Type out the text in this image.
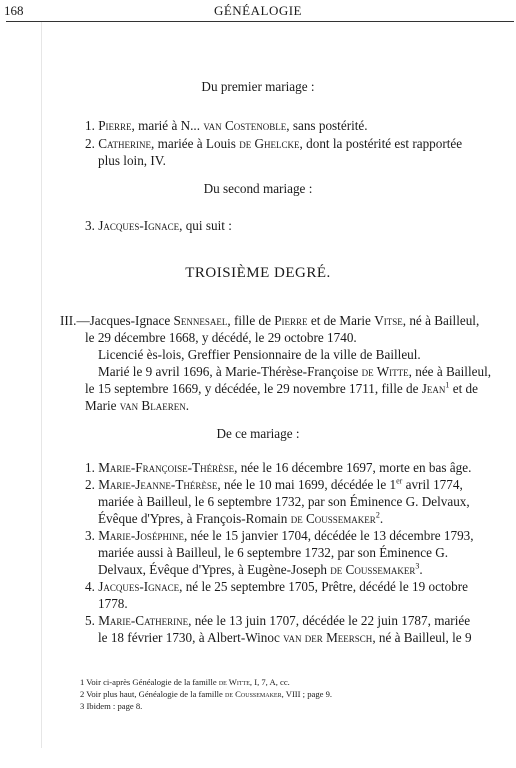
168	GÉNÉALOGIE
Du premier mariage :
1. Pierre, marié à N... van Costenoble, sans postérité.
2. Catherine, mariée à Louis de Ghelcke, dont la postérité est rapportée
plus loin, IV.
Du second mariage :
3. Jacques-Ignace, qui suit :
TROISIÈME DEGRÉ.
III.—Jacques-Ignace Sennesael, fille de Pierre et de Marie Vitse, né à Bailleul,
le 29 décembre 1668, y décédé, le 29 octobre 1740.
Licencié ès-lois, Greffier Pensionnaire de la ville de Bailleul.
Marié le 9 avril 1696, à Marie-Thérèse-Françoise de Witte, née à Bailleul,
le 15 septembre 1669, y décédée, le 29 novembre 1711, fille de Jean$^1$ et de
Marie van Blaeren.
De ce mariage :
1. Marie-Françoise-Thérèse, née le 16 décembre 1697, morte en bas âge.
2. Marie-Jeanne-Thérèse, née le 10 mai 1699, décédée le 1er avril 1774,
mariée à Bailleul, le 6 septembre 1732, par son Éminence G. Delvaux,
Évêque d'Ypres, à François-Romain de Coussemaker$^2$.
3. Marie-Joséphine, née le 15 janvier 1704, décédée le 13 décembre 1793,
mariée aussi à Bailleul, le 6 septembre 1732, par son Éminence G.
Delvaux, Évêque d'Ypres, à Eugène-Joseph de Coussemaker$^3$.
4. Jacques-Ignace, né le 25 septembre 1705, Prêtre, décédé le 19 octobre
1778.
5. Marie-Catherine, née le 13 juin 1707, décédée le 22 juin 1787, mariée
le 18 février 1730, à Albert-Winoc van der Meersch, né à Bailleul, le 9
1 Voir ci-après Généalogie de la famille de Witte, I, 7, A, cc.
2 Voir plus haut, Généalogie de la famille de Coussemaker, VIII ; page 9.
3 Ibidem : page 8.
